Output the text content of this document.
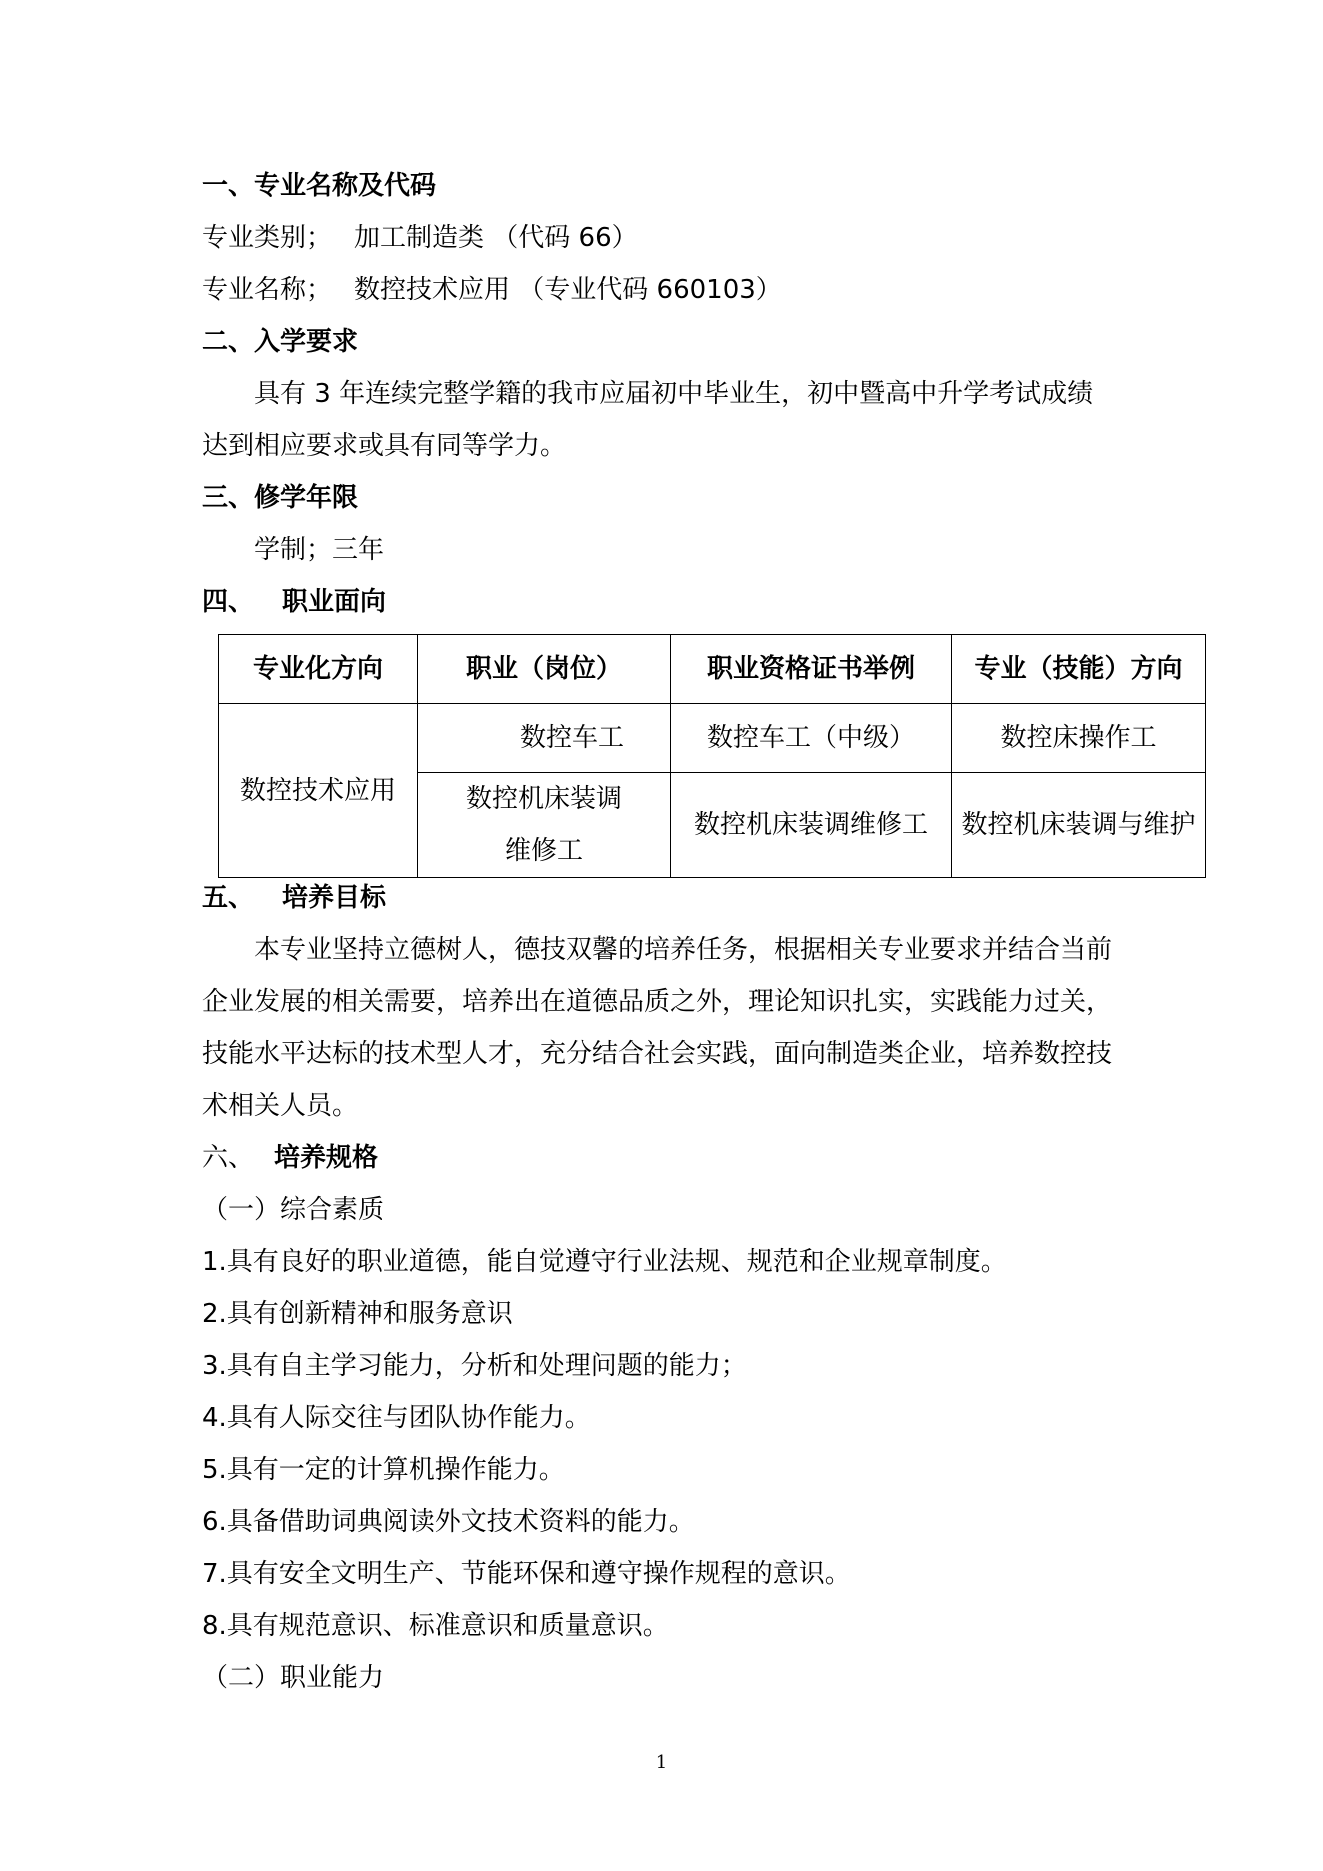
一、专业名称及代码

专业类别； 加工制造类 （代码 66）

专业名称； 数控技术应用 （专业代码 660103）

二、入学要求

具有 3 年连续完整学籍的我市应届初中毕业生，初中暨高中升学考试成绩

达到相应要求或具有同等学力。

三、修学年限

学制；三年

四、 职业面向

专业化方向	职业（岗位）	职业资格证书举例	专业（技能）方向
数控技术应用	数控车工	数控车工（中级）	数控床操作工
	数控机床装调
维修工	数控机床装调维修工	数控机床装调与维护

五、 培养目标

本专业坚持立德树人，德技双馨的培养任务，根据相关专业要求并结合当前

企业发展的相关需要，培养出在道德品质之外，理论知识扎实，实践能力过关，

技能水平达标的技术型人才，充分结合社会实践，面向制造类企业，培养数控技

术相关人员。

六、 培养规格

（一）综合素质

1.具有良好的职业道德，能自觉遵守行业法规、规范和企业规章制度。

2.具有创新精神和服务意识

3.具有自主学习能力，分析和处理问题的能力；

4.具有人际交往与团队协作能力。

5.具有一定的计算机操作能力。

6.具备借助词典阅读外文技术资料的能力。

7.具有安全文明生产、节能环保和遵守操作规程的意识。

8.具有规范意识、标准意识和质量意识。

（二）职业能力

1
